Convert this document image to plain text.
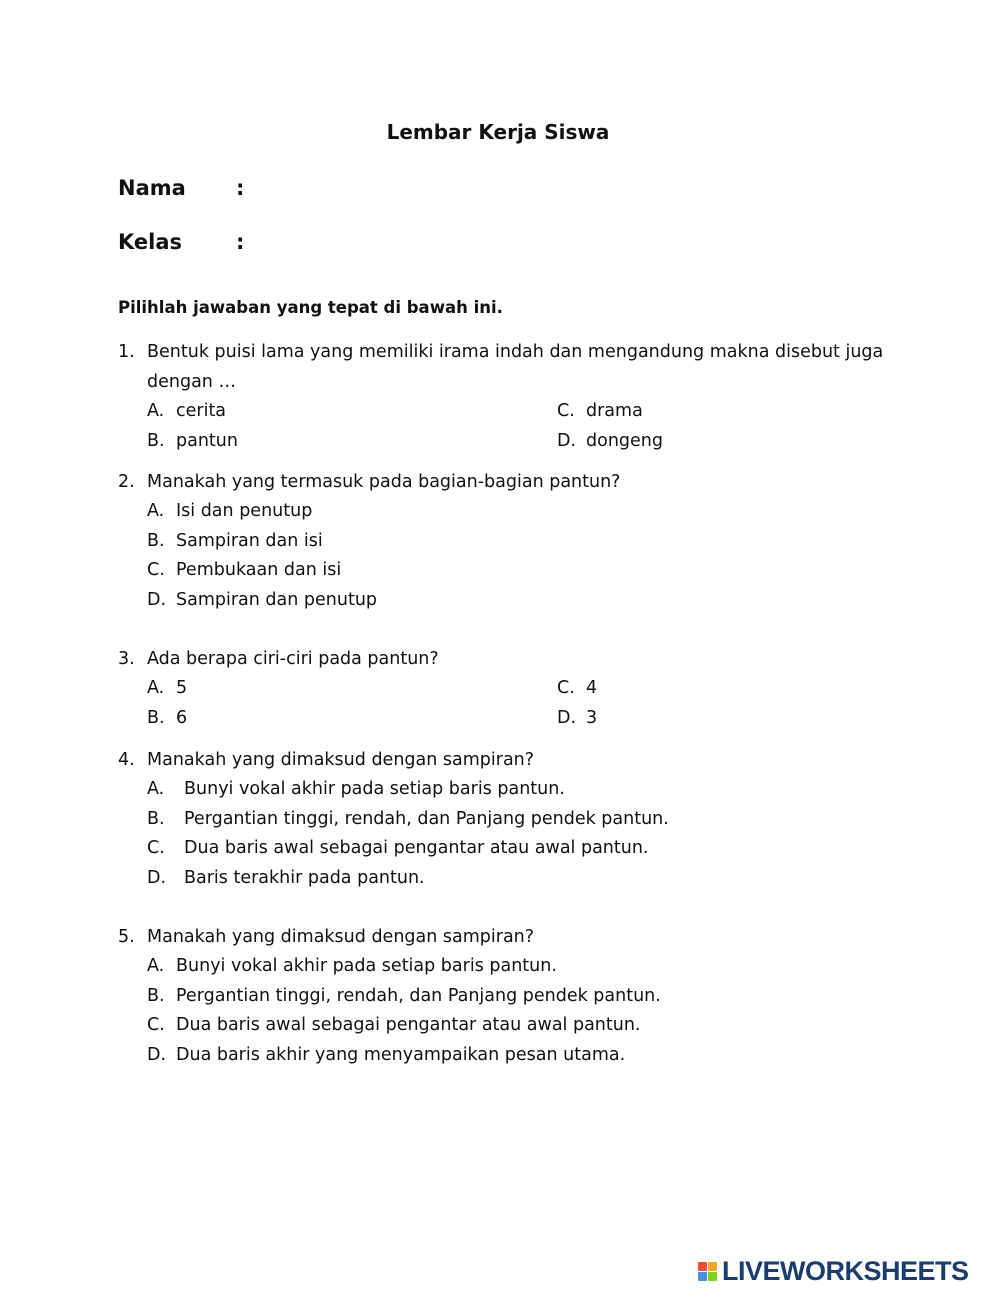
Lembar Kerja Siswa
Nama :
Kelas	:
Pilihlah jawaban yang tepat di bawah ini.
1. Bentuk puisi lama yang memiliki irama indah dan mengandung makna disebut juga dengan …
A. cerita
B. pantun
C. drama
D. dongeng
2. Manakah yang termasuk pada bagian-bagian pantun?
A. Isi dan penutup
B. Sampiran dan isi
C. Pembukaan dan isi
D. Sampiran dan penutup
3. Ada berapa ciri-ciri pada pantun?
A. 5
B. 6
C. 4
D. 3
4. Manakah yang dimaksud dengan sampiran?
A. Bunyi vokal akhir pada setiap baris pantun.
B. Pergantian tinggi, rendah, dan Panjang pendek pantun.
C. Dua baris awal sebagai pengantar atau awal pantun.
D. Baris terakhir pada pantun.
5. Manakah yang dimaksud dengan sampiran?
A. Bunyi vokal akhir pada setiap baris pantun.
B. Pergantian tinggi, rendah, dan Panjang pendek pantun.
C. Dua baris awal sebagai pengantar atau awal pantun.
D. Dua baris akhir yang menyampaikan pesan utama.
LIVEWORKSHEETS
